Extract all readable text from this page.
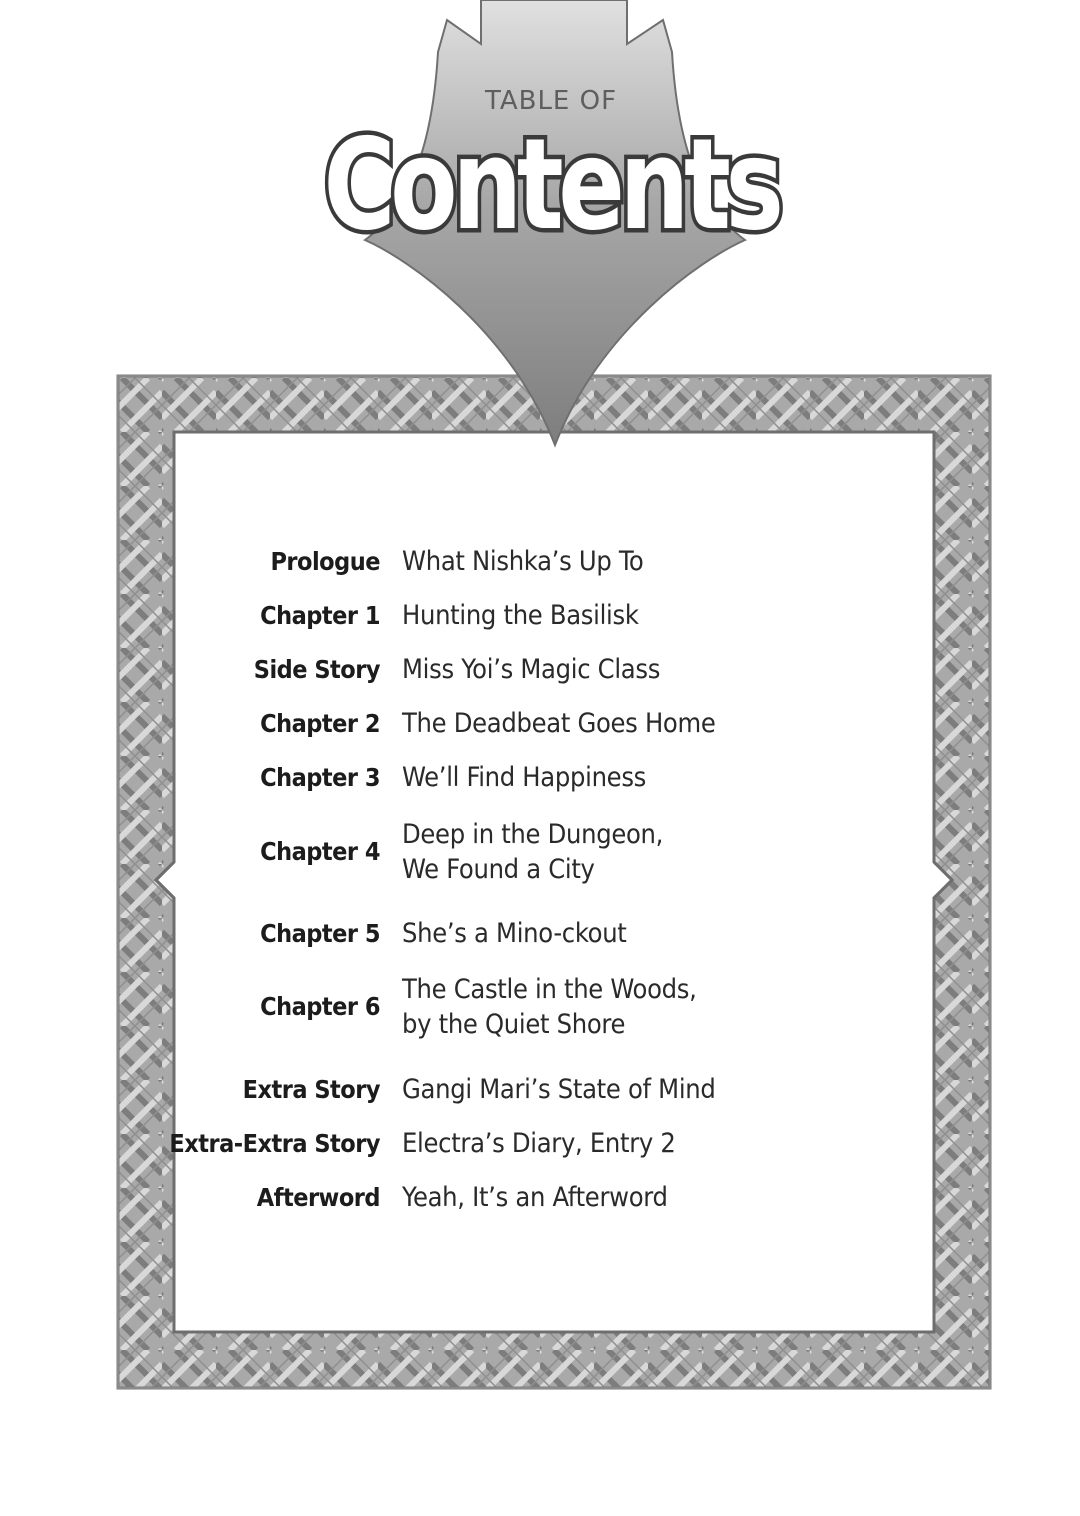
TABLE OF
Contents
Prologue What Nishka’s Up To
Chapter 1 Hunting the Basilisk
Side Story Miss Yoi’s Magic Class
Chapter 2 The Deadbeat Goes Home
Chapter 3 We’ll Find Happiness
Chapter 4
Deep in the Dungeon,
We Found a City
Chapter 5 She’s a Mino-ckout
Chapter 6
The Castle in the Woods,
by the Quiet Shore
Extra Story Gangi Mari’s State of Mind
Extra-Extra Story Electra’s Diary, Entry 2
Afterword Yeah, It’s an Afterword
